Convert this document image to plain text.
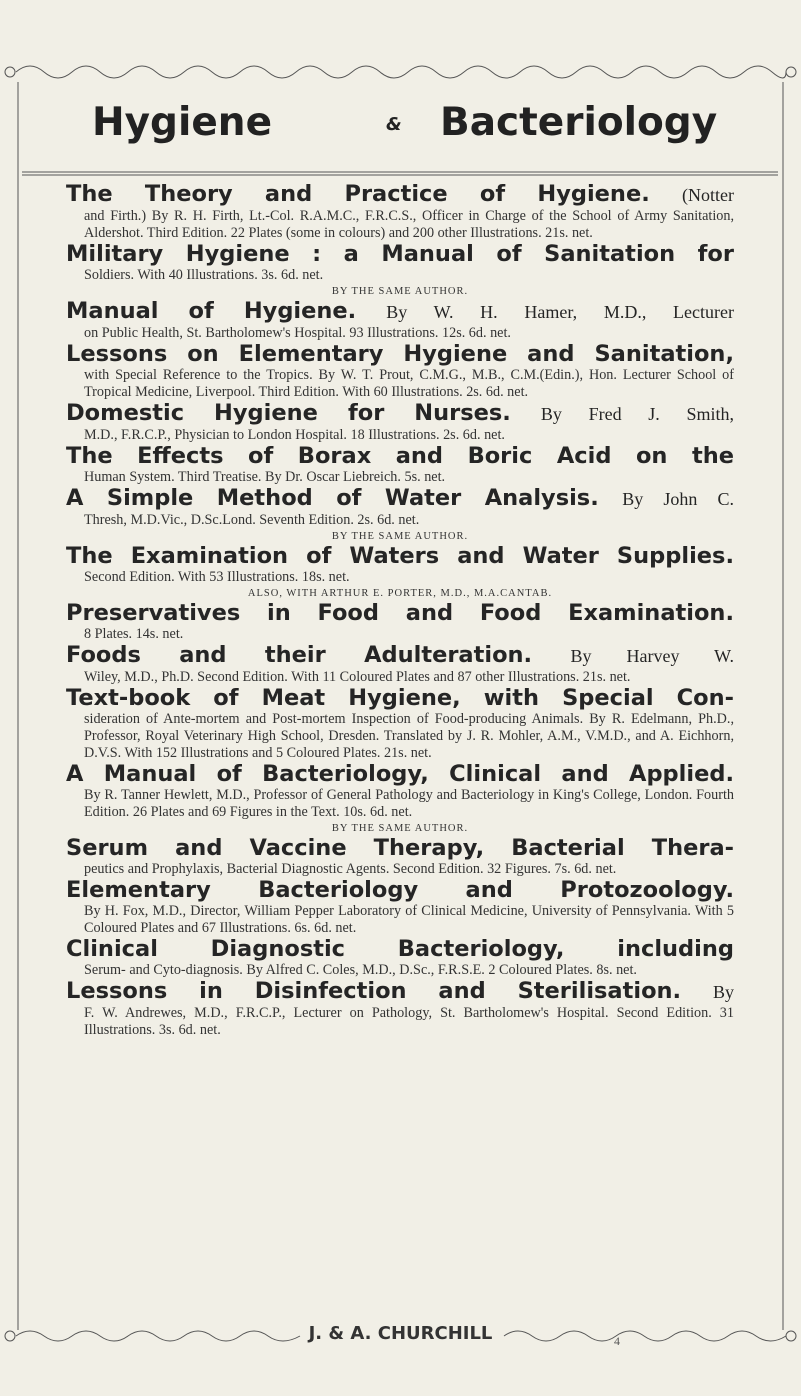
Hygiene	& Bacteriology
The Theory and Practice of Hygiene. (Notter
and Firth.) By R. H. Firth, Lt.-Col. R.A.M.C., F.R.C.S., Officer in Charge of the School of Army Sanitation, Aldershot. Third Edition. 22 Plates (some in colours) and 200 other Illustrations. 21s. net.
Military Hygiene : a Manual of Sanitation for
Soldiers. With 40 Illustrations. 3s. 6d. net.
BY THE SAME AUTHOR.
Manual of Hygiene. By W. H. Hamer, M.D., Lecturer
on Public Health, St. Bartholomew's Hospital. 93 Illustrations. 12s. 6d. net.
Lessons on Elementary Hygiene and Sanitation,
with Special Reference to the Tropics. By W. T. Prout, C.M.G., M.B., C.M.(Edin.), Hon. Lecturer School of Tropical Medicine, Liverpool. Third Edition. With 60 Illustrations. 2s. 6d. net.
Domestic Hygiene for Nurses. By Fred J. Smith,
M.D., F.R.C.P., Physician to London Hospital. 18 Illustrations. 2s. 6d. net.
The Effects of Borax and Boric Acid on the
Human System. Third Treatise. By Dr. Oscar Liebreich. 5s. net.
A Simple Method of Water Analysis. By John C.
Thresh, M.D.Vic., D.Sc.Lond. Seventh Edition. 2s. 6d. net.
BY THE SAME AUTHOR.
The Examination of Waters and Water Supplies.
Second Edition. With 53 Illustrations. 18s. net.
ALSO, WITH ARTHUR E. PORTER, M.D., M.A.CANTAB.
Preservatives in Food and Food Examination.
8 Plates. 14s. net.
Foods and their Adulteration. By Harvey W.
Wiley, M.D., Ph.D. Second Edition. With 11 Coloured Plates and 87 other Illustrations. 21s. net.
Text-book of Meat Hygiene, with Special Con-
sideration of Ante-mortem and Post-mortem Inspection of Food-producing Animals. By R. Edelmann, Ph.D., Professor, Royal Veterinary High School, Dresden. Translated by J. R. Mohler, A.M., V.M.D., and A. Eichhorn, D.V.S. With 152 Illustrations and 5 Coloured Plates. 21s. net.
A Manual of Bacteriology, Clinical and Applied.
By R. Tanner Hewlett, M.D., Professor of General Pathology and Bacteriology in King's College, London. Fourth Edition. 26 Plates and 69 Figures in the Text. 10s. 6d. net.
BY THE SAME AUTHOR.
Serum and Vaccine Therapy, Bacterial Thera-
peutics and Prophylaxis, Bacterial Diagnostic Agents. Second Edition. 32 Figures. 7s. 6d. net.
Elementary Bacteriology and Protozoology.
By H. Fox, M.D., Director, William Pepper Laboratory of Clinical Medicine, University of Pennsylvania. With 5 Coloured Plates and 67 Illustrations. 6s. 6d. net.
Clinical Diagnostic Bacteriology, including
Serum- and Cyto-diagnosis. By Alfred C. Coles, M.D., D.Sc., F.R.S.E. 2 Coloured Plates. 8s. net.
Lessons in Disinfection and Sterilisation. By
F. W. Andrewes, M.D., F.R.C.P., Lecturer on Pathology, St. Bartholomew's Hospital. Second Edition. 31 Illustrations. 3s. 6d. net.
J. & A. CHURCHILL	4
